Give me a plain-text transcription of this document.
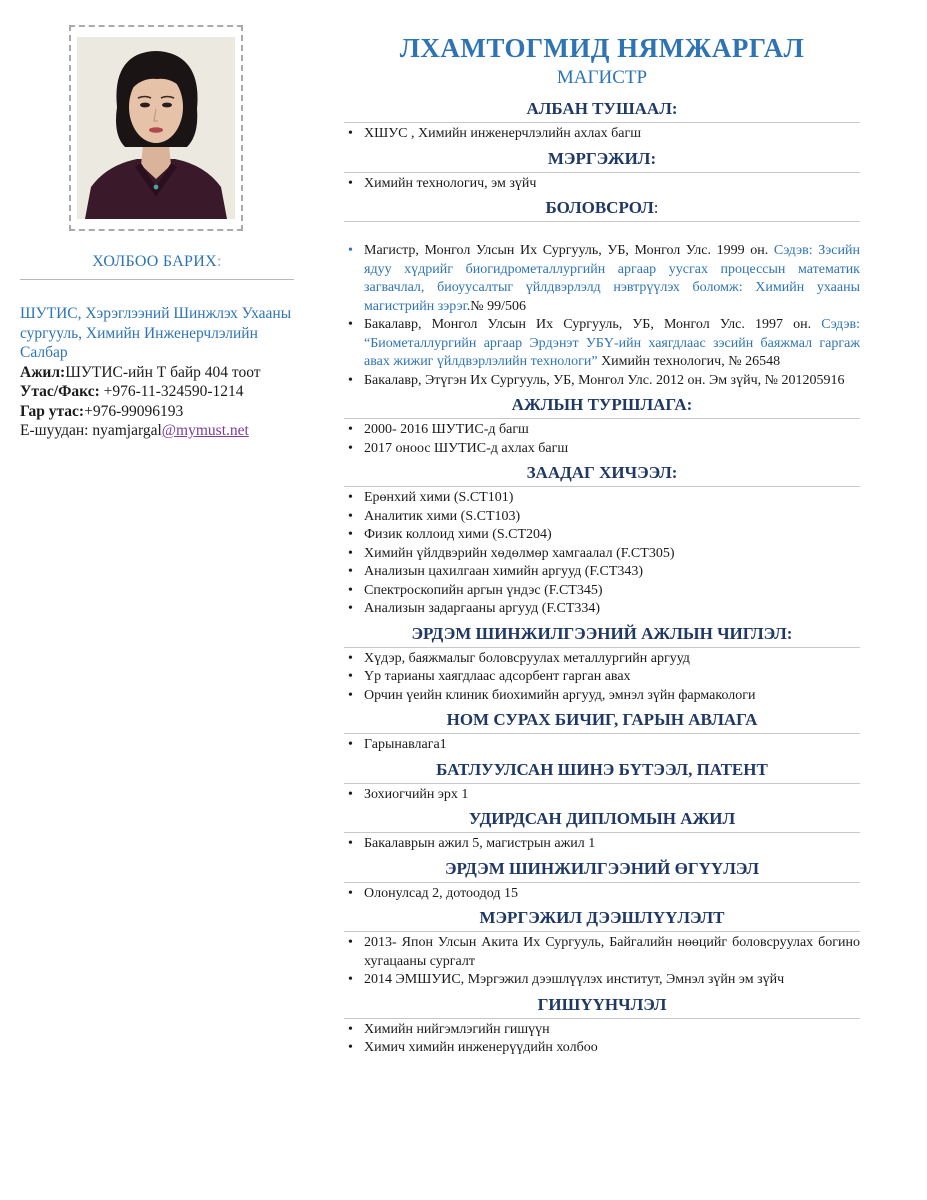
ХОЛБОО БАРИХ:
ШУТИС, Хэрэглээний Шинжлэх Ухааны сургууль, Химийн Инженерчлэлийн Салбар
Ажил:ШУТИС-ийн Т байр 404 тоот
Утас/Факс: +976-11-324590-1214
Гар утас:+976-99096193
Е-шуудан: nyamjargal@mymust.net
ЛХАМТОГМИД НЯМЖАРГАЛ
МАГИСТР
АЛБАН ТУШААЛ:
• ХШУС , Химийн инженерчлэлийн ахлах багш
МЭРГЭЖИЛ:
• Химийн технологич, эм зүйч
БОЛОВСРОЛ:
• Магистр, Монгол Улсын Их Сургууль, УБ, Монгол Улс. 1999 он. Сэдэв: Зэсийн ядуу хүдрийг биогидрометаллургийн аргаар уусгах процессын математик загвачлал, биоуусалтыг үйлдвэрлэлд нэвтрүүлэх боломж: Химийн ухааны магистрийн зэрэг.№ 99/506
• Бакалавр, Монгол Улсын Их Сургууль, УБ, Монгол Улс. 1997 он. Сэдэв: “Биометаллургийн аргаар Эрдэнэт УБҮ-ийн хаягдлаас зэсийн баяжмал гаргаж авах жижиг үйлдвэрлэлийн технологи” Химийн технологич, № 26548
• Бакалавр, Этүгэн Их Сургууль, УБ, Монгол Улс. 2012 он. Эм зүйч, № 201205916
АЖЛЫН ТУРШЛАГА:
• 2000- 2016 ШУТИС-д багш
• 2017 оноос ШУТИС-д ахлах багш
ЗААДАГ ХИЧЭЭЛ:
• Ерөнхий хими (S.CT101)
• Аналитик хими (S.CT103)
• Физик коллоид хими (S.CT204)
• Химийн үйлдвэрийн хөдөлмөр хамгаалал (F.CT305)
• Анализын цахилгаан химийн аргууд (F.CT343)
• Спектроскопийн аргын үндэс (F.CT345)
• Анализын задаргааны аргууд (F.CT334)
ЭРДЭМ ШИНЖИЛГЭЭНИЙ АЖЛЫН ЧИГЛЭЛ:
• Хүдэр, баяжмалыг боловсруулах металлургийн аргууд
• Үр тарианы хаягдлаас адсорбент гарган авах
• Орчин үеийн клиник биохимийн аргууд, эмнэл зүйн фармакологи
НОМ СУРАХ БИЧИГ, ГАРЫН АВЛАГА
• Гарынавлага1
БАТЛУУЛСАН ШИНЭ БҮТЭЭЛ, ПАТЕНТ
• Зохиогчийн эрх 1
УДИРДСАН ДИПЛОМЫН АЖИЛ
• Бакалаврын ажил 5, магистрын ажил 1
ЭРДЭМ ШИНЖИЛГЭЭНИЙ ӨГҮҮЛЭЛ
• Олонулсад 2, дотоодод 15
МЭРГЭЖИЛ ДЭЭШЛҮҮЛЭЛТ
• 2013- Япон Улсын Акита Их Сургууль, Байгалийн нөөцийг боловсруулах богино хугацааны сургалт
• 2014 ЭМШУИС, Мэргэжил дээшлүүлэх институт, Эмнэл зүйн эм зүйч
ГИШҮҮНЧЛЭЛ
• Химийн нийгэмлэгийн гишүүн
• Химич химийн инженерүүдийн холбоо
